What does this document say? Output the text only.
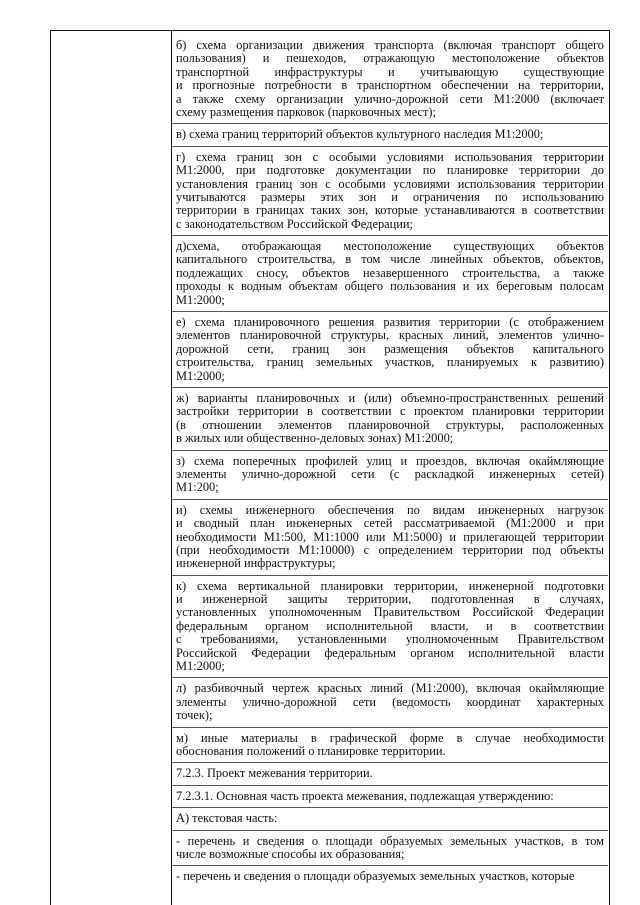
б) схема организации движения транспорта (включая транспорт общего
пользования) и пешеходов, отражающую местоположение объектов
транспортной инфраструктуры и учитывающую существующие
и прогнозные потребности в транспортном обеспечении на территории,
а также схему организации улично-дорожной сети М1:2000 (включает
схему размещения парковок (парковочных мест);
в) схема границ территорий объектов культурного наследия М1:2000;
г) схема границ зон с особыми условиями использования территории
М1:2000, при подготовке документации по планировке территории до
установления границ зон с особыми условиями использования территории
учитываются размеры этих зон и ограничения по использованию
территории в границах таких зон, которые устанавливаются в соответствии
с законодательством Российской Федерации;
д)схема, отображающая местоположение существующих объектов
капитального строительства, в том числе линейных объектов, объектов,
подлежащих сносу, объектов незавершенного строительства, а также
проходы к водным объектам общего пользования и их береговым полосам
М1:2000;
е) схема планировочного решения развития территории (с отображением
элементов планировочной структуры, красных линий, элементов улично-
дорожной сети, границ зон размещения объектов капитального
строительства, границ земельных участков, планируемых к развитию)
М1:2000;
ж) варианты планировочных и (или) объемно-пространственных решений
застройки территории в соответствии с проектом планировки территории
(в отношении элементов планировочной структуры, расположенных
в жилых или общественно-деловых зонах) М1:2000;
з) схема поперечных профилей улиц и проездов, включая окаймляющие
элементы улично-дорожной сети (с раскладкой инженерных сетей)
М1:200;
и) схемы инженерного обеспечения по видам инженерных нагрузок
и сводный план инженерных сетей рассматриваемой (М1:2000 и при
необходимости М1:500, М1:1000 или М1:5000) и прилегающей территории
(при необходимости М1:10000) с определением территории под объекты
инженерной инфраструктуры;
к) схема вертикальной планировки территории, инженерной подготовки
и инженерной защиты территории, подготовленная в случаях,
установленных уполномоченным Правительством Российской Федерации
федеральным органом исполнительной власти, и в соответствии
с требованиями, установленными уполномоченным Правительством
Российской Федерации федеральным органом исполнительной власти
М1:2000;
л) разбивочный чертеж красных линий (М1:2000), включая окаймляющие
элементы улично-дорожной сети (ведомость координат характерных
точек);
м) иные материалы в графической форме в случае необходимости
обоснования положений о планировке территории.
7.2.3. Проект межевания территории.
7.2.3.1. Основная часть проекта межевания, подлежащая утверждению:
А) текстовая часть:
- перечень и сведения о площади образуемых земельных участков, в том
числе возможные способы их образования;
- перечень и сведения о площади образуемых земельных участков, которые
